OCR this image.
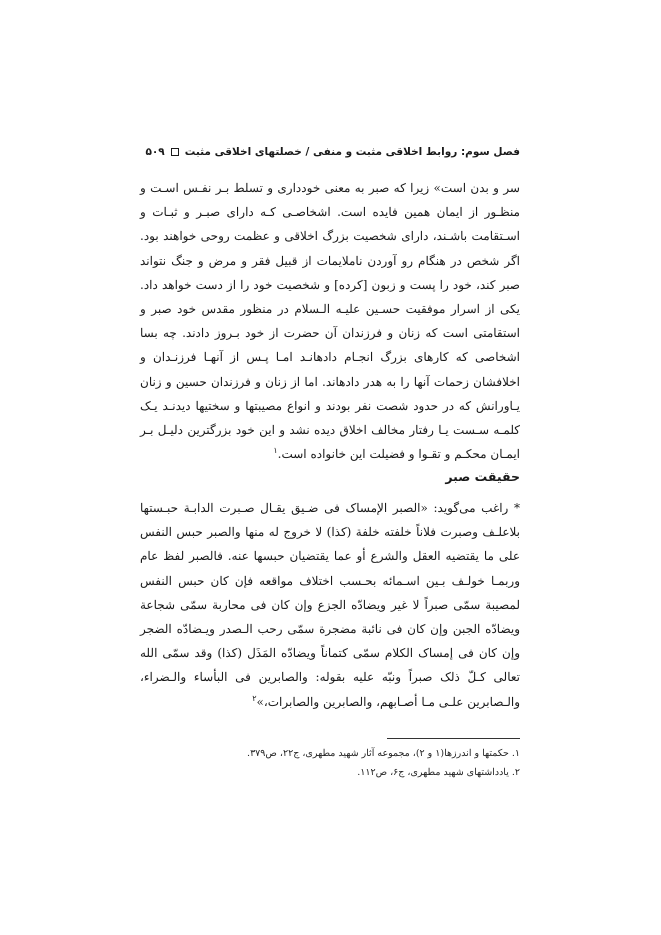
فصل سوم: روابط اخلاقی مثبت و منفی / خصلتهای اخلاقی مثبت
۵۰۹

سر و بدن است» زیرا که صبر به معنی خودداری و تسلط بـر نفـس اسـت و منظـور از ایمان همین فایده است. اشخاصـی کـه دارای صبـر و ثبـات و اسـتقامت باشـند، دارای شخصیت بزرگ اخلاقی و عظمت روحی خواهند بود. اگر شخص در هنگام رو آوردن ناملایمات از قبیل فقر و مرض و جنگ نتواند صبر کند، خود را پست و زبون [کرده] و شخصیت خود را از دست خواهد داد. یکی از اسرار موفقیت حسـین علیـه الـسلام در منظور مقدس خود صبر و استقامتی است که زنان و فرزندان آن حضرت از خود بـروز دادند. چه بسا اشخاصی که کارهای بزرگ انجـام دادهانـد امـا پـس از آنهـا فرزنـدان و اخلافشان زحمات آنها را به هدر دادهاند. اما از زنان و فرزندان حسین و زنان یـاورانش که در حدود شصت نفر بودند و انواع مصیبتها و سختیها دیدنـد یـک کلمـه سـست یـا رفتار مخالف اخلاق دیده نشد و این خود بزرگترین دلیـل بـر ایمـان محکـم و تقـوا و فضیلت این خانواده است.$^۱$

حقیقت صبر

* راغب می‌گوید: «الصبر الإمساک فی ضـیق یقـال صـبرت الدابـة حبـستها بلاعلـف وصبرت فلاناً خلفته خلفة (کذا) لا خروج له منها والصبر حبس النفس علی ما یقتضیه العقل والشرع أو عما یقتضیان حبسها عنه. فالصبر لفظ عام وربمـا خولـف بـین اسـمائه بحـسب اختلاف مواقعه فإن کان حبس النفس لمصیبة سمّی صبراً لا غیر ویضادّه الجزع وإن کان فی محاربة سمّی شجاعة ویضادّه الجبن وإن کان فی نائبة مضجرة سمّی رحب الـصدر ویـضادّه الضجر وإن کان فی إمساک الکلام سمّی کتماناً ویضادّه المَذَل (کذا) وقد سمّی الله تعالی کـلّ ذلک صبراً ونبّه علیه بقوله: والصابرین فی البأساء والـضراء، والـصابرین علـی مـا أصـابهم، والصابرین والصابرات،»$^۲$

۱. حکمتها و اندرزها(۱ و ۲)، مجموعه آثار شهید مطهری، ج۲۲، ص۳۷۹.
۲. یادداشتهای شهید مطهری، ج۶، ص۱۱۲.
